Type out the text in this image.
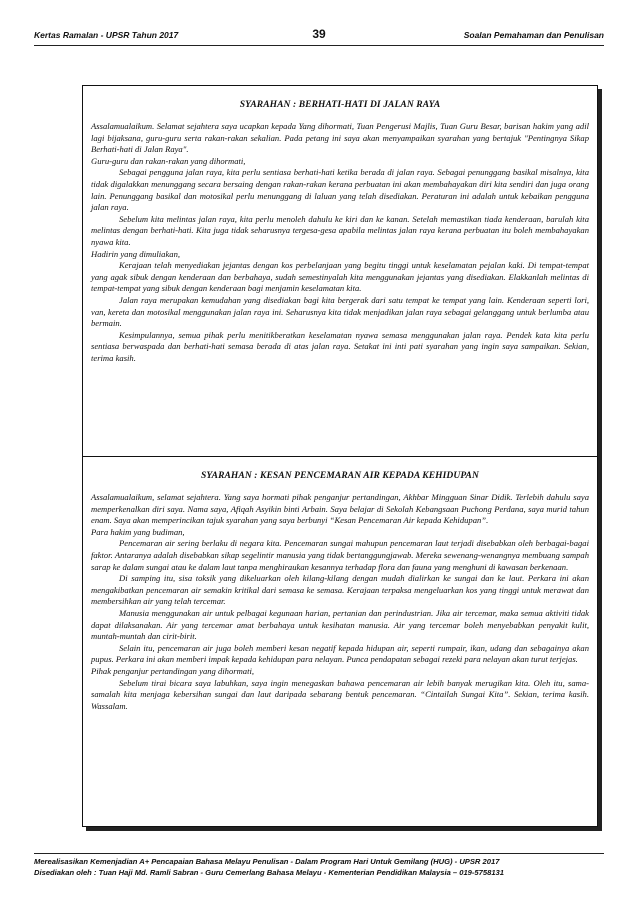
Kertas Ramalan - UPSR Tahun 2017	39	Soalan Pemahaman dan Penulisan
SYARAHAN : BERHATI-HATI DI JALAN RAYA

Assalamualaikum. Selamat sejahtera saya ucapkan kepada Yang dihormati, Tuan Pengerusi Majlis, Tuan Guru Besar, barisan hakim yang adil lagi bijaksana, guru-guru serta rakan-rakan sekalian. Pada petang ini saya akan menyampaikan syarahan yang bertajuk "Pentingnya Sikap Berhati-hati di Jalan Raya".

Guru-guru dan rakan-rakan yang dihormati,

Sebagai pengguna jalan raya, kita perlu sentiasa berhati-hati ketika berada di jalan raya. Sebagai penunggang basikal misalnya, kita tidak digalakkan menunggang secara bersaing dengan rakan-rakan kerana perbuatan ini akan membahayakan diri kita sendiri dan juga orang lain. Penunggang basikal dan motosikal perlu menunggang di laluan yang telah disediakan. Peraturan ini adalah untuk kebaikan pengguna jalan raya.

Sebelum kita melintas jalan raya, kita perlu menoleh dahulu ke kiri dan ke kanan. Setelah memastikan tiada kenderaan, barulah kita melintas dengan berhati-hati. Kita juga tidak seharusnya tergesa-gesa apabila melintas jalan raya kerana perbuatan itu boleh membahayakan nyawa kita.

Hadirin yang dimuliakan,

Kerajaan telah menyediakan jejantas dengan kos perbelanjaan yang begitu tinggi untuk keselamatan pejalan kaki. Di tempat-tempat yang agak sibuk dengan kenderaan dan berbahaya, sudah semestinyalah kita menggunakan jejantas yang disediakan. Elakkanlah melintas di tempat-tempat yang sibuk dengan kenderaan bagi menjamin keselamatan kita.

Jalan raya merupakan kemudahan yang disediakan bagi kita bergerak dari satu tempat ke tempat yang lain. Kenderaan seperti lori, van, kereta dan motosikal menggunakan jalan raya ini. Seharusnya kita tidak menjadikan jalan raya sebagai gelanggang untuk berlumba atau bermain.

Kesimpulannya, semua pihak perlu menitikberatkan keselamatan nyawa semasa menggunakan jalan raya. Pendek kata kita perlu sentiasa berwaspada dan berhati-hati semasa berada di atas jalan raya. Setakat ini inti pati syarahan yang ingin saya sampaikan. Sekian, terima kasih.

SYARAHAN : KESAN PENCEMARAN AIR KEPADA KEHIDUPAN

Assalamualaikum, selamat sejahtera. Yang saya hormati pihak penganjur pertandingan, Akhbar Mingguan Sinar Didik. Terlebih dahulu saya memperkenalkan diri saya. Nama saya, Afiqah Asyikin binti Arbain. Saya belajar di Sekolah Kebangsaan Puchong Perdana, saya murid tahun enam. Saya akan memperincikan tajuk syarahan yang saya berbunyi “Kesan Pencemaran Air kepada Kehidupan”.

Para hakim yang budiman,

Pencemaran air sering berlaku di negara kita. Pencemaran sungai mahupun pencemaran laut terjadi disebabkan oleh berbagai-bagai faktor. Antaranya adalah disebabkan sikap segelintir manusia yang tidak bertanggungjawab. Mereka sewenang-wenangnya membuang sampah sarap ke dalam sungai atau ke dalam laut tanpa menghiraukan kesannya terhadap flora dan fauna yang menghuni di kawasan berkenaan.

Di samping itu, sisa toksik yang dikeluarkan oleh kilang-kilang dengan mudah dialirkan ke sungai dan ke laut. Perkara ini akan mengakibatkan pencemaran air semakin kritikal dari semasa ke semasa. Kerajaan terpaksa mengeluarkan kos yang tinggi untuk merawat dan membersihkan air yang telah tercemar.

Manusia menggunakan air untuk pelbagai kegunaan harian, pertanian dan perindustrian. Jika air tercemar, maka semua aktiviti tidak dapat dilaksanakan. Air yang tercemar amat berbahaya untuk kesihatan manusia. Air yang tercemar boleh menyebabkan penyakit kulit, muntah-muntah dan cirit-birit.

Selain itu, pencemaran air juga boleh memberi kesan negatif kepada hidupan air, seperti rumpair, ikan, udang dan sebagainya akan pupus. Perkara ini akan memberi impak kepada kehidupan para nelayan. Punca pendapatan sebagai rezeki para nelayan akan turut terjejas.

Pihak penganjur pertandingan yang dihormati,

Sebelum tirai bicara saya labuhkan, saya ingin menegaskan bahawa pencemaran air lebih banyak merugikan kita. Oleh itu, sama-samalah kita menjaga kebersihan sungai dan laut daripada sebarang bentuk pencemaran. “Cintailah Sungai Kita”. Sekian, terima kasih. Wassalam.

Merealisasikan Kemenjadian A+ Pencapaian Bahasa Melayu Penulisan - Dalam Program Hari Untuk Gemilang (HUG) - UPSR 2017
Disediakan oleh : Tuan Haji Md. Ramli Sabran - Guru Cemerlang Bahasa Melayu - Kementerian Pendidikan Malaysia – 019-5758131
